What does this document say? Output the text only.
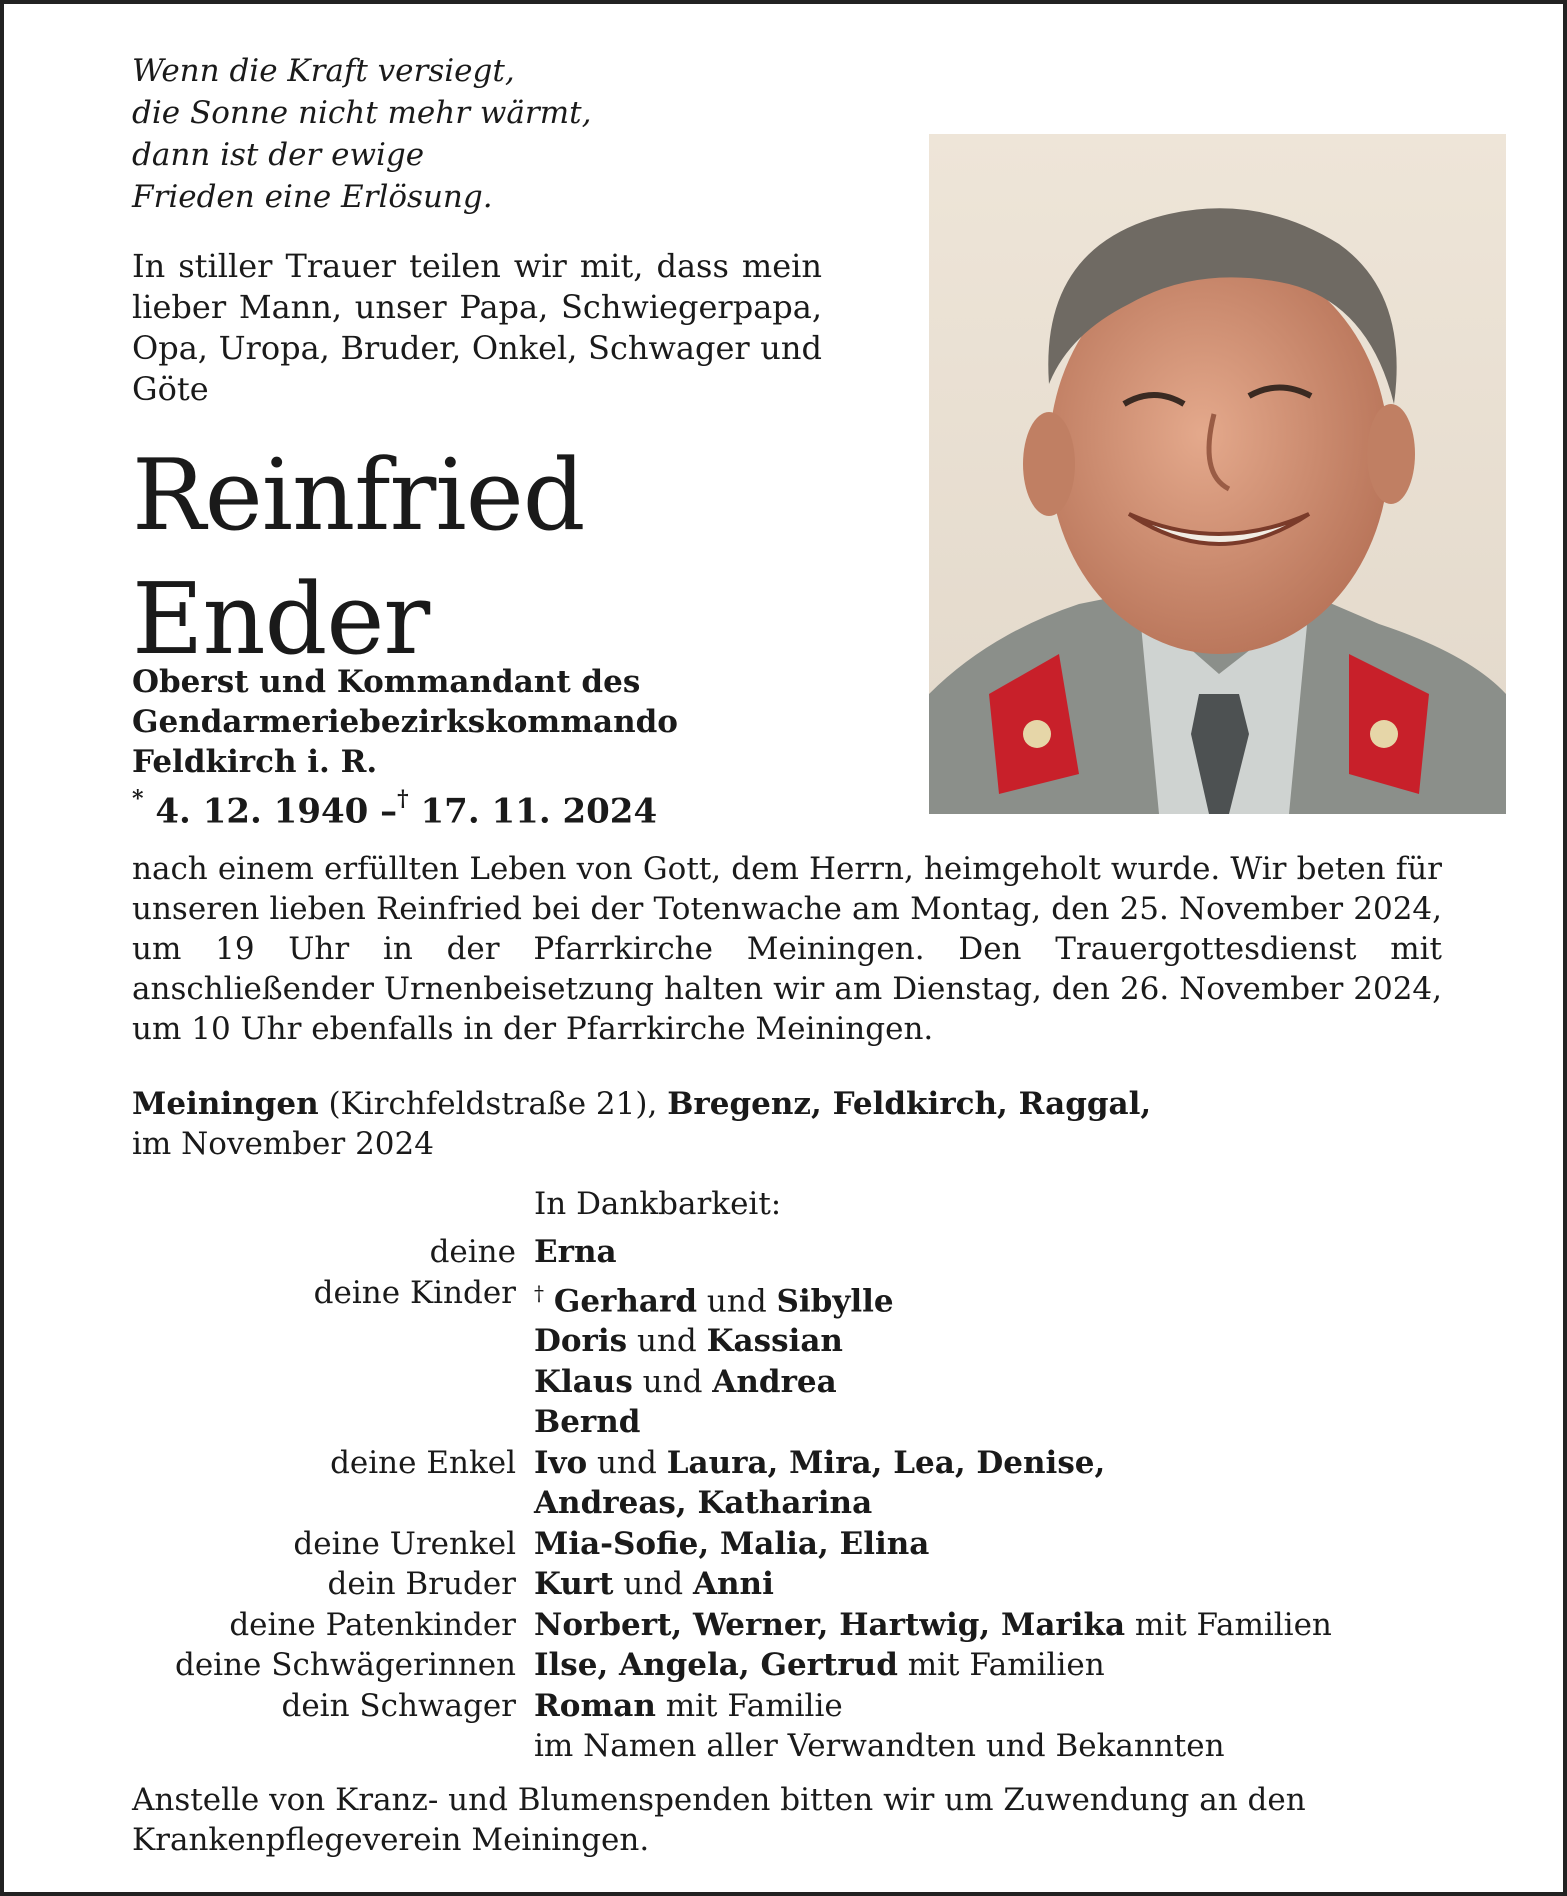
Wenn die Kraft versiegt,
die Sonne nicht mehr wärmt,
dann ist der ewige
Frieden eine Erlösung.
In stiller Trauer teilen wir mit, dass mein lieber Mann, unser Papa, Schwiegerpapa, Opa, Uropa, Bruder, Onkel, Schwager und Göte
Reinfried
Ender
Oberst und Kommandant des
Gendarmeriebezirkskommando
Feldkirch i. R.
* 4. 12. 1940 –† 17. 11. 2024
nach einem erfüllten Leben von Gott, dem Herrn, heimgeholt wurde. Wir beten für unseren lieben Reinfried bei der Totenwache am Montag, den 25. November 2024, um 19 Uhr in der Pfarrkirche Meiningen. Den Trauergottesdienst mit anschließender Urnenbeisetzung halten wir am Dienstag, den 26. November 2024, um 10 Uhr ebenfalls in der Pfarrkirche Meiningen.
Meiningen (Kirchfeldstraße 21), Bregenz, Feldkirch, Raggal,
im November 2024
In Dankbarkeit:
deine Erna
deine Kinder † Gerhard und Sibylle
Doris und Kassian
Klaus und Andrea
Bernd
deine Enkel Ivo und Laura, Mira, Lea, Denise,
Andreas, Katharina
deine Urenkel Mia-Sofie, Malia, Elina
dein Bruder Kurt und Anni
deine Patenkinder Norbert, Werner, Hartwig, Marika mit Familien
deine Schwägerinnen Ilse, Angela, Gertrud mit Familien
dein Schwager Roman mit Familie
im Namen aller Verwandten und Bekannten
Anstelle von Kranz- und Blumenspenden bitten wir um Zuwendung an den Krankenpflegeverein Meiningen.
